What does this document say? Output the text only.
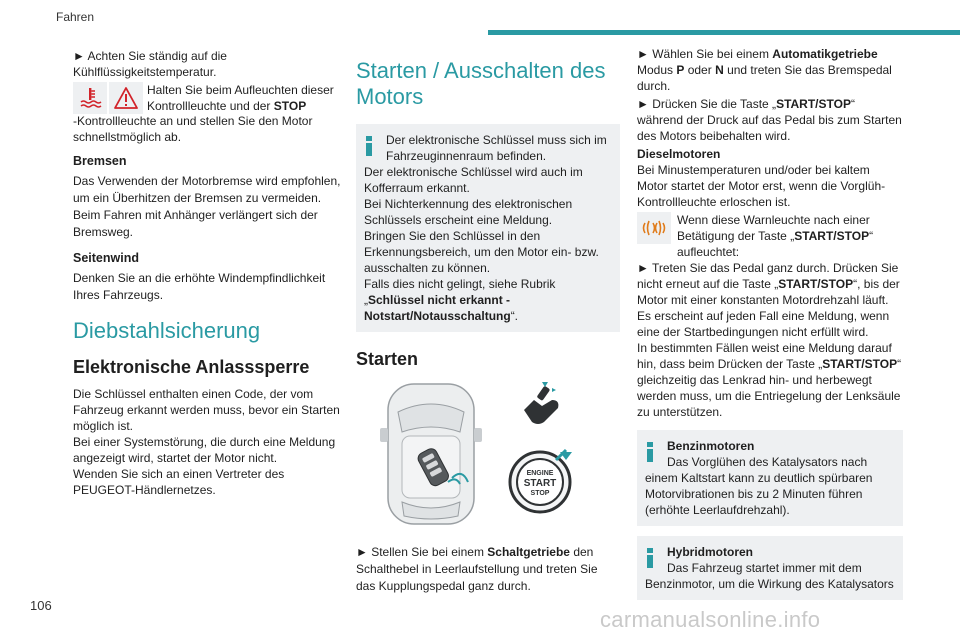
Fahren

► Achten Sie ständig auf die Kühlflüssigkeitstemperatur.

Halten Sie beim Aufleuchten dieser Kontrollleuchte und der STOP

-Kontrollleuchte an und stellen Sie den Motor schnellstmöglich ab.

Bremsen

Das Verwenden der Motorbremse wird empfohlen, um ein Überhitzen der Bremsen zu vermeiden. Beim Fahren mit Anhänger verlängert sich der Bremsweg.

Seitenwind

Denken Sie an die erhöhte Windempfindlichkeit Ihres Fahrzeugs.

Diebstahlsicherung

Elektronische Anlasssperre

Die Schlüssel enthalten einen Code, der vom Fahrzeug erkannt werden muss, bevor ein Starten möglich ist.
Bei einer Systemstörung, die durch eine Meldung angezeigt wird, startet der Motor nicht.
Wenden Sie sich an einen Vertreter des PEUGEOT-Händlernetzes.

Starten / Ausschalten des Motors

Der elektronische Schlüssel muss sich im Fahrzeuginnenraum befinden.

Der elektronische Schlüssel wird auch im Kofferraum erkannt.
Bei Nichterkennung des elektronischen Schlüssels erscheint eine Meldung.
Bringen Sie den Schlüssel in den Erkennungsbereich, um den Motor ein- bzw. ausschalten zu können.
Falls dies nicht gelingt, siehe Rubrik „Schlüssel nicht erkannt - Notstart/Notausschaltung“.

Starten

ENGINE
START
STOP

► Stellen Sie bei einem Schaltgetriebe den Schalthebel in Leerlaufstellung und treten Sie das Kupplungspedal ganz durch.

► Wählen Sie bei einem Automatikgetriebe Modus P oder N und treten Sie das Bremspedal durch.

► Drücken Sie die Taste „START/STOP“ während der Druck auf das Pedal bis zum Starten des Motors beibehalten wird.

Dieselmotoren

Bei Minustemperaturen und/oder bei kaltem Motor startet der Motor erst, wenn die Vorglüh-Kontrollleuchte erloschen ist.

Wenn diese Warnleuchte nach einer Betätigung der Taste „START/STOP“ aufleuchtet:

► Treten Sie das Pedal ganz durch. Drücken Sie nicht erneut auf die Taste „START/STOP“, bis der Motor mit einer konstanten Motordrehzahl läuft.

Es erscheint auf jeden Fall eine Meldung, wenn eine der Startbedingungen nicht erfüllt wird.

In bestimmten Fällen weist eine Meldung darauf hin, dass beim Drücken der Taste „START/STOP“ gleichzeitig das Lenkrad hin- und herbewegt werden muss, um die Entriegelung der Lenksäule zu unterstützen.

Benzinmotoren

Das Vorglühen des Katalysators nach einem Kaltstart kann zu deutlich spürbaren Motorvibrationen bis zu 2 Minuten führen (erhöhte Leerlaufdrehzahl).

Hybridmotoren

Das Fahrzeug startet immer mit dem Benzinmotor, um die Wirkung des Katalysators

106
carmanualsonline.info
